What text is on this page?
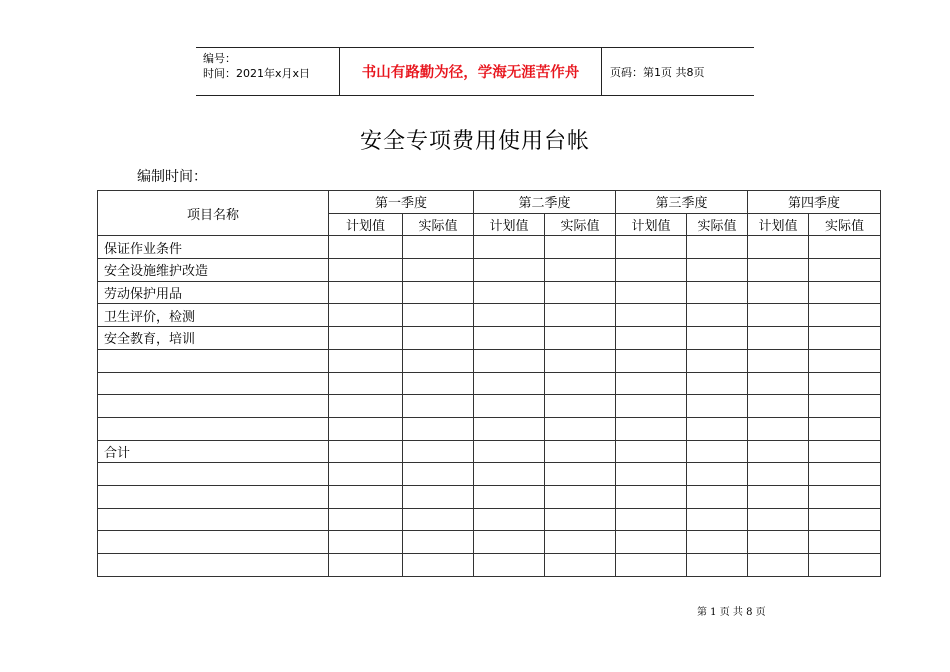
编号：
时间：2021年x月x日	书山有路勤为径，学海无涯苦作舟	页码：第1页 共8页
安全专项费用使用台帐
编制时间：
项目名称	第一季度		第二季度		第三季度		第四季度	
	计划值	实际值	计划值	实际值	计划值	实际值	计划值	实际值
保证作业条件								
安全设施维护改造								
劳动保护用品								
卫生评价，检测								
安全教育，培训								

合计								

第 1 页 共 8 页
